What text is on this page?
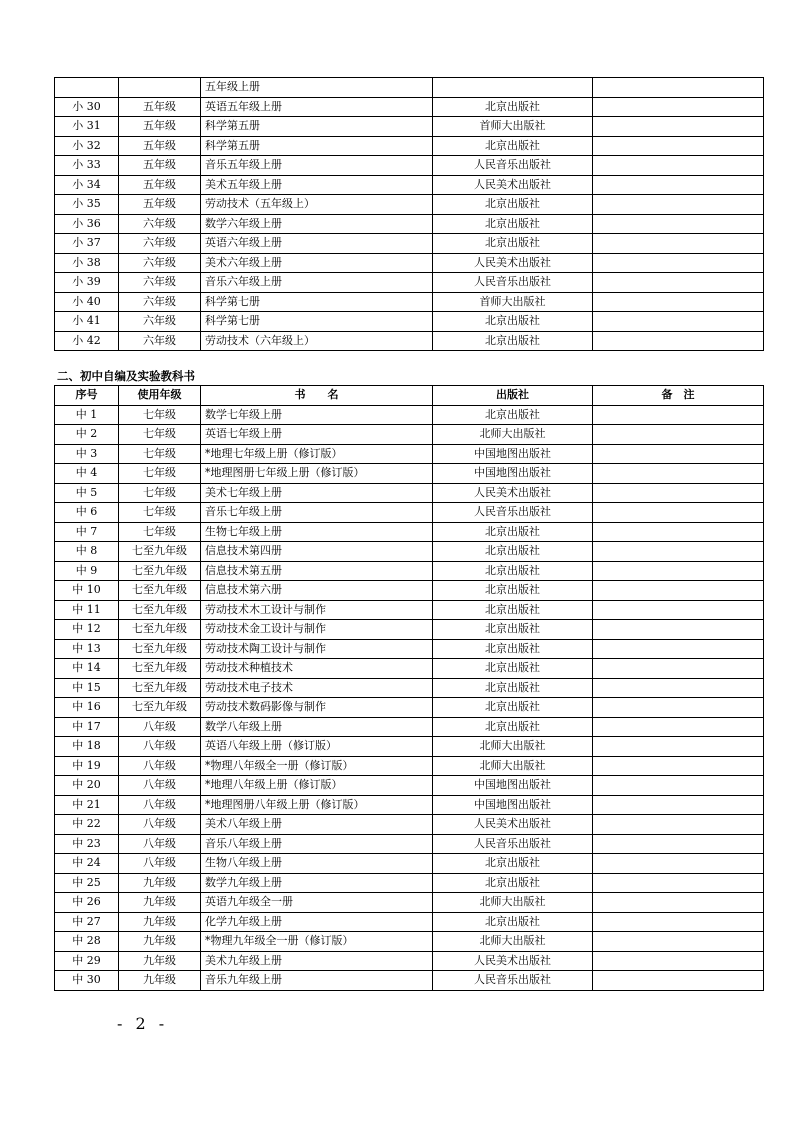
		五年级上册		
小 30	五年级	英语五年级上册	北京出版社	
小 31	五年级	科学第五册	首师大出版社	
小 32	五年级	科学第五册	北京出版社	
小 33	五年级	音乐五年级上册	人民音乐出版社	
小 34	五年级	美术五年级上册	人民美术出版社	
小 35	五年级	劳动技术（五年级上）	北京出版社	
小 36	六年级	数学六年级上册	北京出版社	
小 37	六年级	英语六年级上册	北京出版社	
小 38	六年级	美术六年级上册	人民美术出版社	
小 39	六年级	音乐六年级上册	人民音乐出版社	
小 40	六年级	科学第七册	首师大出版社	
小 41	六年级	科学第七册	北京出版社	
小 42	六年级	劳动技术（六年级上）	北京出版社	
二、初中自编及实验教科书
序号	使用年级	书　　名	出版社	备　注
中 1	七年级	数学七年级上册	北京出版社	
中 2	七年级	英语七年级上册	北师大出版社	
中 3	七年级	*地理七年级上册（修订版）	中国地图出版社	
中 4	七年级	*地理图册七年级上册（修订版）	中国地图出版社	
中 5	七年级	美术七年级上册	人民美术出版社	
中 6	七年级	音乐七年级上册	人民音乐出版社	
中 7	七年级	生物七年级上册	北京出版社	
中 8	七至九年级	信息技术第四册	北京出版社	
中 9	七至九年级	信息技术第五册	北京出版社	
中 10	七至九年级	信息技术第六册	北京出版社	
中 11	七至九年级	劳动技术木工设计与制作	北京出版社	
中 12	七至九年级	劳动技术金工设计与制作	北京出版社	
中 13	七至九年级	劳动技术陶工设计与制作	北京出版社	
中 14	七至九年级	劳动技术种植技术	北京出版社	
中 15	七至九年级	劳动技术电子技术	北京出版社	
中 16	七至九年级	劳动技术数码影像与制作	北京出版社	
中 17	八年级	数学八年级上册	北京出版社	
中 18	八年级	英语八年级上册（修订版）	北师大出版社	
中 19	八年级	*物理八年级全一册（修订版）	北师大出版社	
中 20	八年级	*地理八年级上册（修订版）	中国地图出版社	
中 21	八年级	*地理图册八年级上册（修订版）	中国地图出版社	
中 22	八年级	美术八年级上册	人民美术出版社	
中 23	八年级	音乐八年级上册	人民音乐出版社	
中 24	八年级	生物八年级上册	北京出版社	
中 25	九年级	数学九年级上册	北京出版社	
中 26	九年级	英语九年级全一册	北师大出版社	
中 27	九年级	化学九年级上册	北京出版社	
中 28	九年级	*物理九年级全一册（修订版）	北师大出版社	
中 29	九年级	美术九年级上册	人民美术出版社	
中 30	九年级	音乐九年级上册	人民音乐出版社	
- 2 -
